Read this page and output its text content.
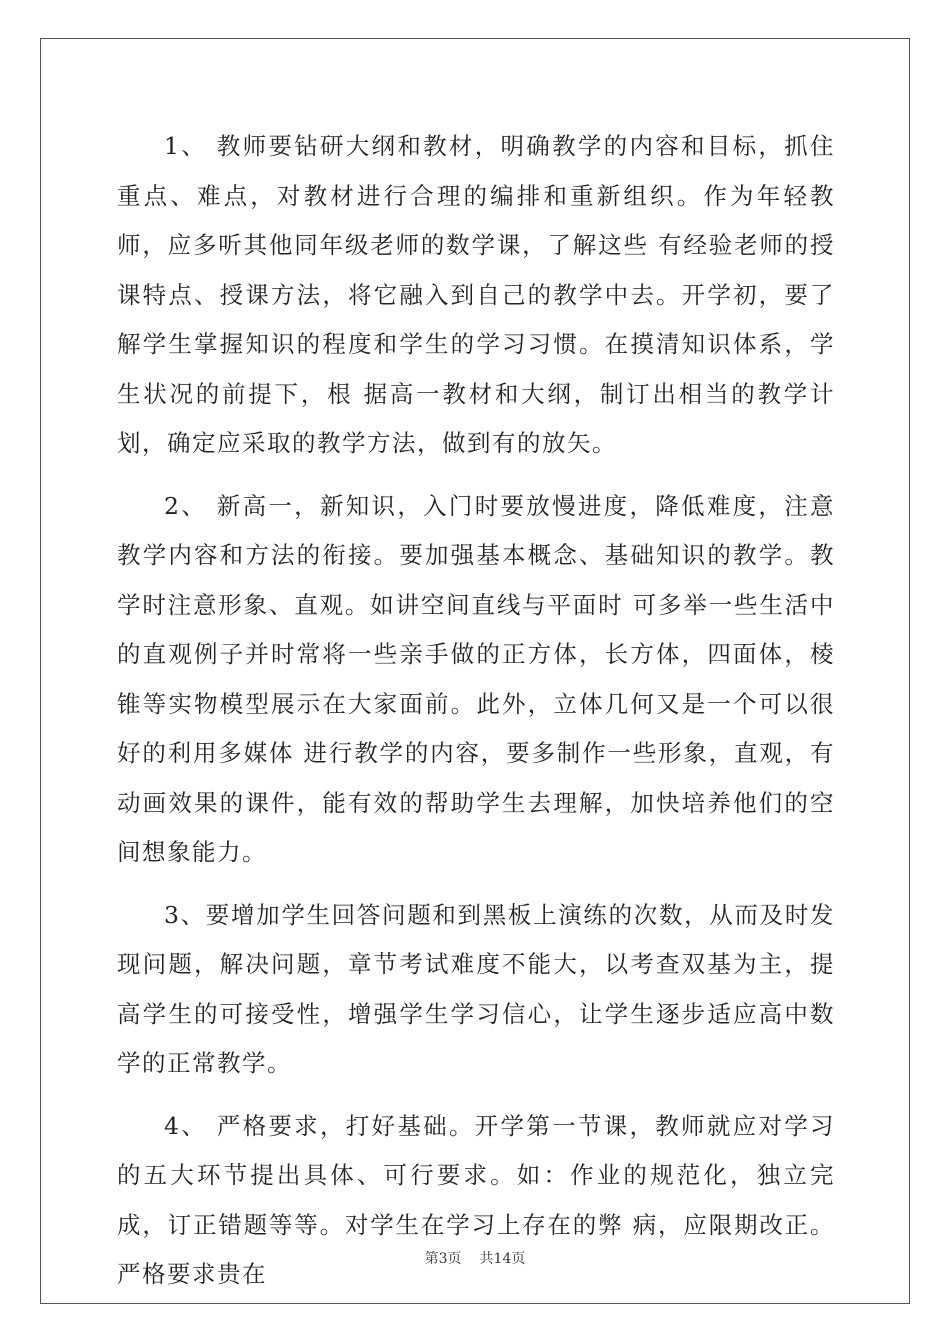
1、 教师要钻研大纲和教材，明确教学的内容和目标，抓住重点、难点，对教材进行合理的编排和重新组织。作为年轻教师，应多听其他同年级老师的数学课，了解这些 有经验老师的授课特点、授课方法，将它融入到自己的教学中去。开学初，要了解学生掌握知识的程度和学生的学习习惯。在摸清知识体系，学生状况的前提下，根 据高一教材和大纲，制订出相当的教学计划，确定应采取的教学方法，做到有的放矢。

2、 新高一，新知识，入门时要放慢进度，降低难度，注意教学内容和方法的衔接。要加强基本概念、基础知识的教学。教学时注意形象、直观。如讲空间直线与平面时 可多举一些生活中的直观例子并时常将一些亲手做的正方体，长方体，四面体，棱锥等实物模型展示在大家面前。此外，立体几何又是一个可以很好的利用多媒体 进行教学的内容，要多制作一些形象，直观，有动画效果的课件，能有效的帮助学生去理解，加快培养他们的空间想象能力。

3、要增加学生回答问题和到黑板上演练的次数，从而及时发现问题，解决问题，章节考试难度不能大，以考查双基为主，提高学生的可接受性，增强学生学习信心，让学生逐步适应高中数学的正常教学。

4、 严格要求，打好基础。开学第一节课，教师就应对学习的五大环节提出具体、可行要求。如：作业的规范化，独立完成，订正错题等等。对学生在学习上存在的弊 病，应限期改正。严格要求贵在

第3页 共14页
